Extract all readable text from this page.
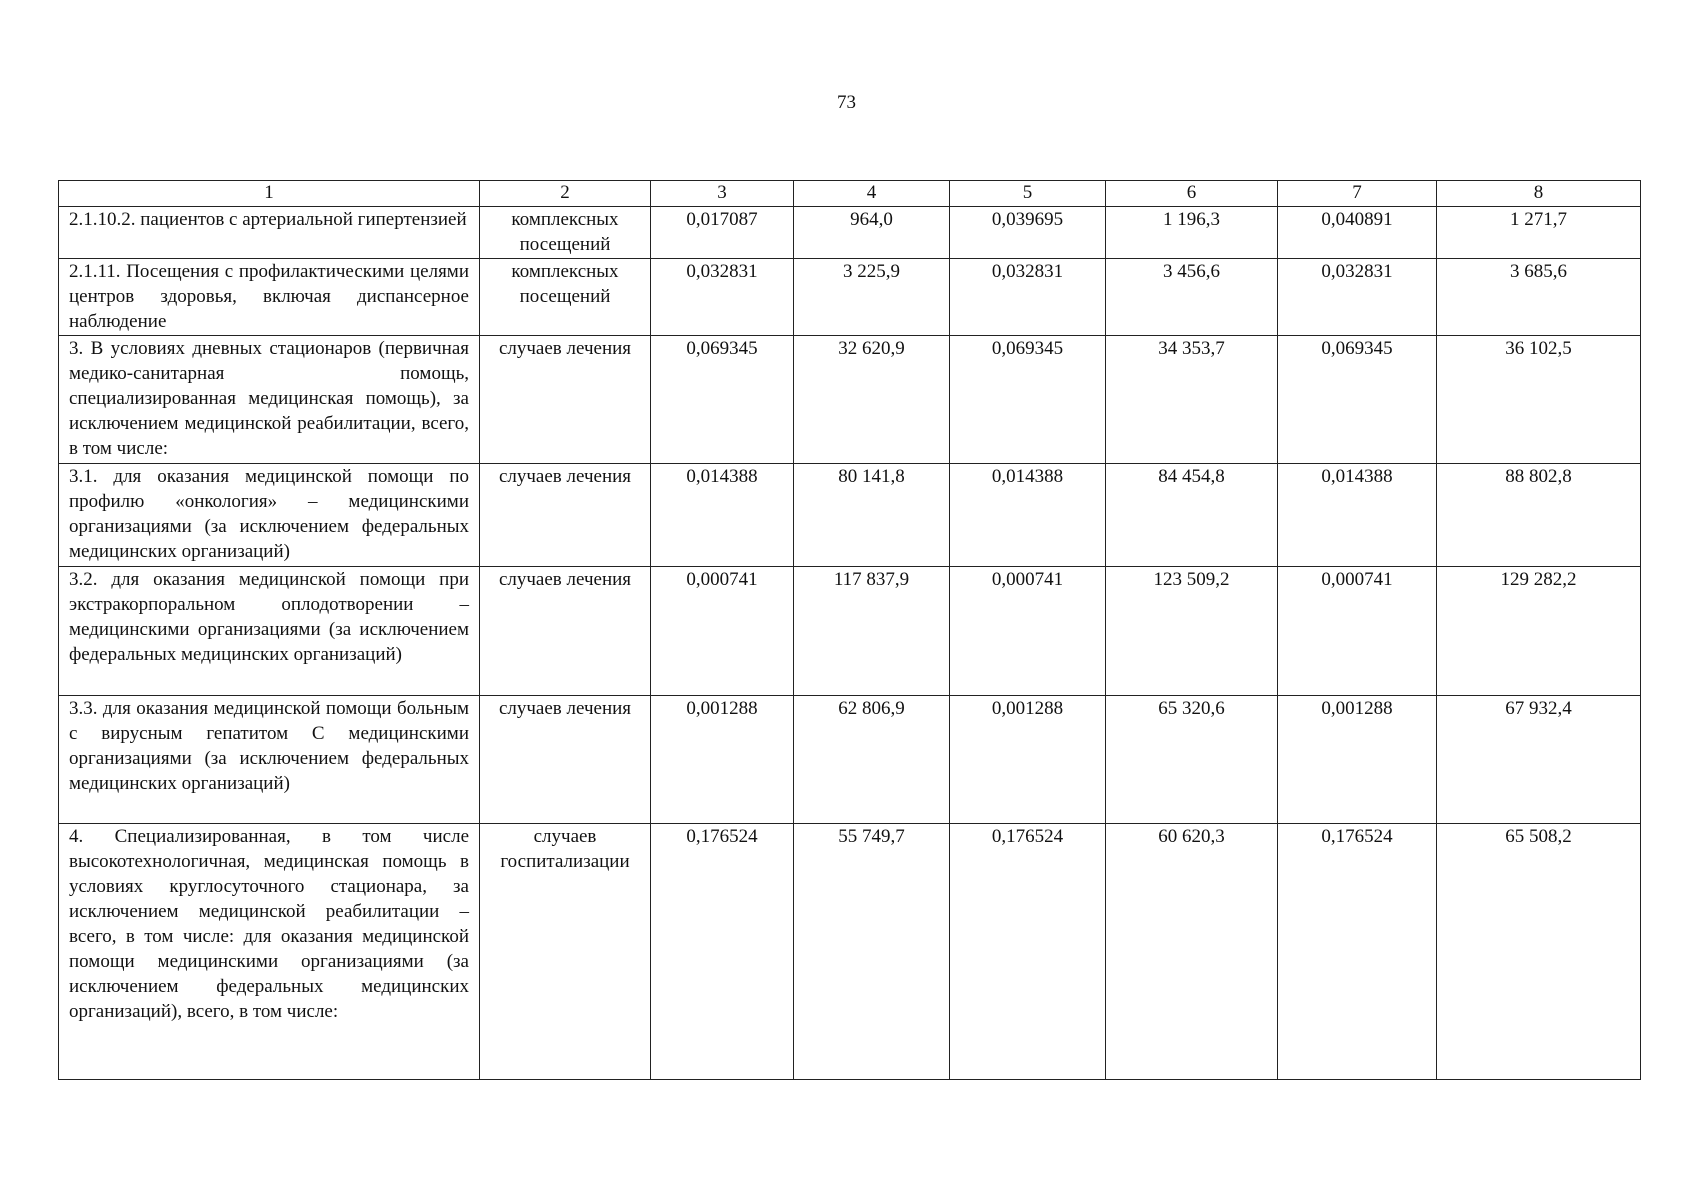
73
1	2	3	4	5	6	7	8
2.1.10.2. пациентов с артериальной гипертензией	комплексных посещений	0,017087	964,0	0,039695	1 196,3	0,040891	1 271,7
2.1.11. Посещения с профилактическими целями центров здоровья, включая диспансерное наблюдение	комплексных посещений	0,032831	3 225,9	0,032831	3 456,6	0,032831	3 685,6
3. В условиях дневных стационаров (первичная медико-санитарная помощь, специализированная медицинская помощь), за исключением медицинской реабилитации, всего, в том числе:	случаев лечения	0,069345	32 620,9	0,069345	34 353,7	0,069345	36 102,5
3.1. для оказания медицинской помощи по профилю «онкология» – медицинскими организациями (за исключением федеральных медицинских организаций)	случаев лечения	0,014388	80 141,8	0,014388	84 454,8	0,014388	88 802,8
3.2. для оказания медицинской помощи при экстракорпоральном оплодотворении – медицинскими организациями (за исключением федеральных медицинских организаций)	случаев лечения	0,000741	117 837,9	0,000741	123 509,2	0,000741	129 282,2
3.3. для оказания медицинской помощи больным с вирусным гепатитом С медицинскими организациями (за исключением федеральных медицинских организаций)	случаев лечения	0,001288	62 806,9	0,001288	65 320,6	0,001288	67 932,4
4. Специализированная, в том числе высокотехнологичная, медицинская помощь в условиях круглосуточного стационара, за исключением медицинской реабилитации – всего, в том числе: для оказания медицинской помощи медицинскими организациями (за исключением федеральных медицинских организаций), всего, в том числе:	случаев госпитализации	0,176524	55 749,7	0,176524	60 620,3	0,176524	65 508,2
